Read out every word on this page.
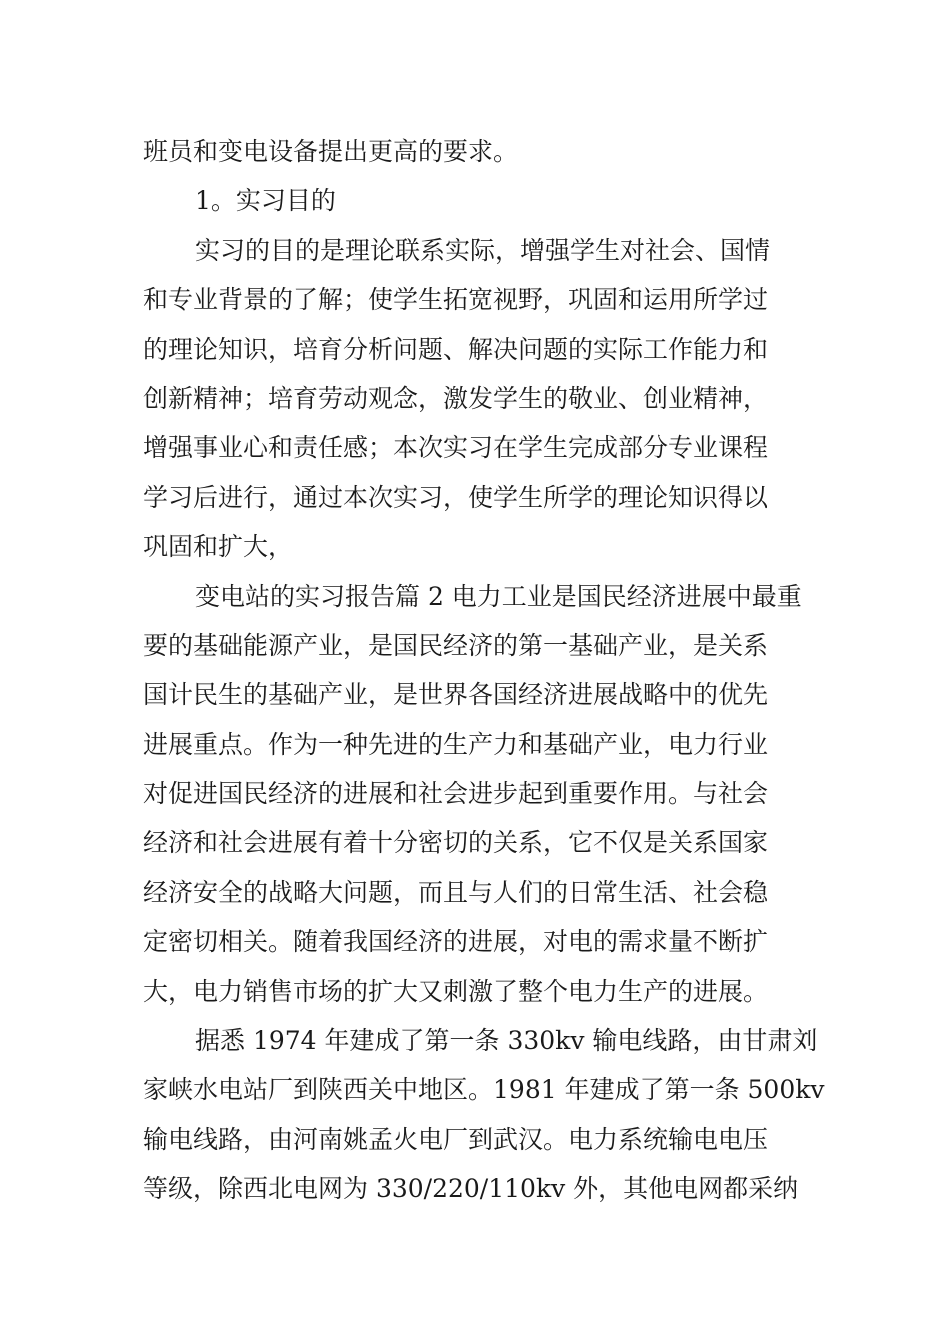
班员和变电设备提出更高的要求。
1。实习目的
实习的目的是理论联系实际，增强学生对社会、国情
和专业背景的了解；使学生拓宽视野，巩固和运用所学过
的理论知识，培育分析问题、解决问题的实际工作能力和
创新精神；培育劳动观念，激发学生的敬业、创业精神，
增强事业心和责任感；本次实习在学生完成部分专业课程
学习后进行，通过本次实习，使学生所学的理论知识得以
巩固和扩大，
变电站的实习报告篇 2 电力工业是国民经济进展中最重
要的基础能源产业，是国民经济的第一基础产业，是关系
国计民生的基础产业，是世界各国经济进展战略中的优先
进展重点。作为一种先进的生产力和基础产业，电力行业
对促进国民经济的进展和社会进步起到重要作用。与社会
经济和社会进展有着十分密切的关系，它不仅是关系国家
经济安全的战略大问题，而且与人们的日常生活、社会稳
定密切相关。随着我国经济的进展，对电的需求量不断扩
大，电力销售市场的扩大又刺激了整个电力生产的进展。
据悉 1974 年建成了第一条 330kv 输电线路，由甘肃刘
家峡水电站厂到陕西关中地区。1981 年建成了第一条 500kv
输电线路，由河南姚孟火电厂到武汉。电力系统输电电压
等级，除西北电网为 330/220/110kv 外，其他电网都采纳
